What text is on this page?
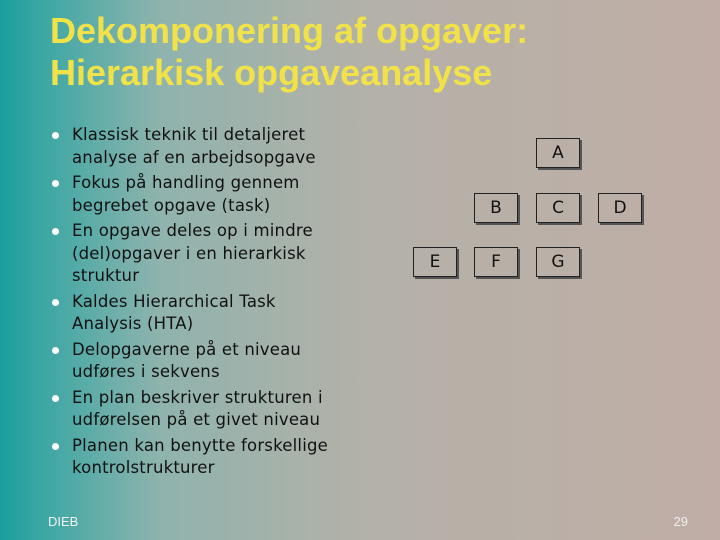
Dekomponering af opgaver:
Hierarkisk opgaveanalyse
Klassisk teknik til detaljeret
analyse af en arbejdsopgave
Fokus på handling gennem
begrebet opgave (task)
En opgave deles op i mindre
(del)opgaver i en hierarkisk
struktur
Kaldes Hierarchical Task
Analysis (HTA)
Delopgaverne på et niveau
udføres i sekvens
En plan beskriver strukturen i
udførelsen på et givet niveau
Planen kan benytte forskellige
kontrolstrukturer
A
B	C	D
E	F	G
DIEB	29
